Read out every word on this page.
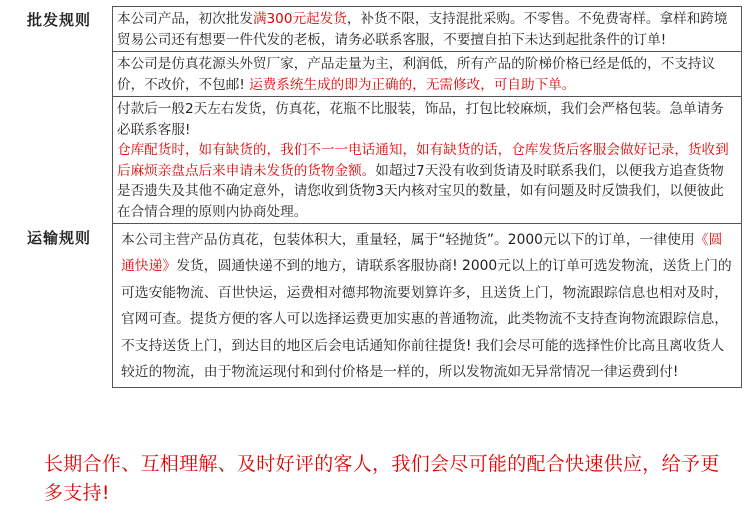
批发规则	本公司产品，初次批发满300元起发货，补货不限，支持混批采购。不零售。不免费寄样。拿样和跨境贸易公司还有想要一件代发的老板，请务必联系客服，不要擅自拍下未达到起批条件的订单!
本公司是仿真花源头外贸厂家，产品走量为主，利润低，所有产品的阶梯价格已经是低的，不支持议价，不改价，不包邮! 运费系统生成的即为正确的，无需修改，可自助下单。
付款后一般2天左右发货，仿真花，花瓶不比服装，饰品，打包比较麻烦，我们会严格包装。急单请务必联系客服!
仓库配货时，如有缺货的，我们不一一电话通知，如有缺货的话，仓库发货后客服会做好记录，货收到后麻烦亲盘点后来申请未发货的货物金额。如超过7天没有收到货请及时联系我们，以便我方追查货物是否遗失及其他不确定意外，请您收到货物3天内核对宝贝的数量，如有问题及时反馈我们，以便彼此在合情合理的原则内协商处理。
运输规则	本公司主营产品仿真花，包装体积大，重量轻，属于“轻抛货”。2000元以下的订单，一律使用《圆通快递》发货，圆通快递不到的地方，请联系客服协商! 2000元以上的订单可选发物流，送货上门的可选安能物流、百世快运，运费相对德邦物流要划算许多，且送货上门，物流跟踪信息也相对及时，官网可查。提货方便的客人可以选择运费更加实惠的普通物流，此类物流不支持查询物流跟踪信息，不支持送货上门，到达目的地区后会电话通知你前往提货! 我们会尽可能的选择性价比高且离收货人较近的物流，由于物流运现付和到付价格是一样的，所以发物流如无异常情况一律运费到付!
长期合作、互相理解、及时好评的客人，我们会尽可能的配合快速供应，给予更多支持!
